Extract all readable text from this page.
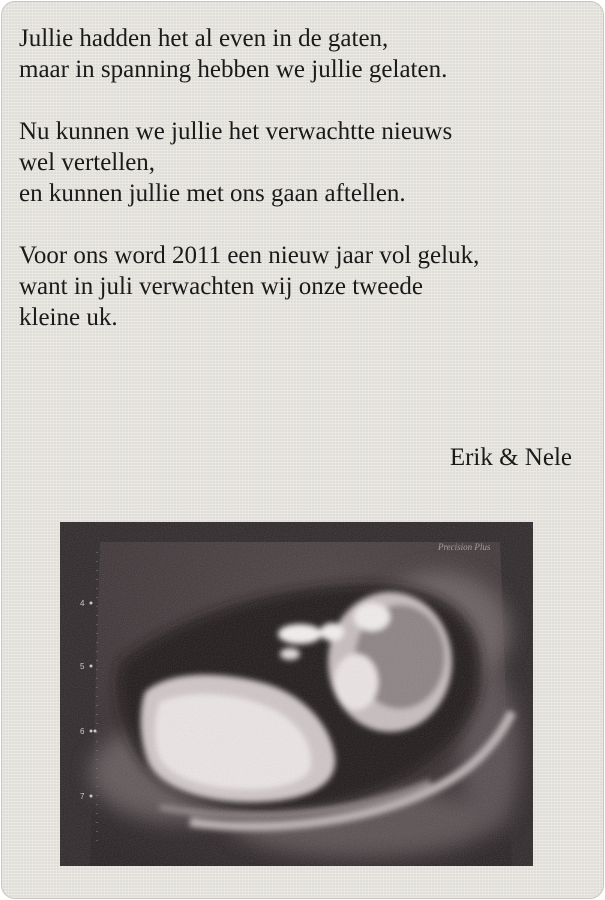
Jullie hadden het al even in de gaten,
maar in spanning hebben we jullie gelaten.
Nu kunnen we jullie het verwachtte nieuws
wel vertellen,
en kunnen jullie met ons gaan aftellen.
Voor ons word 2011 een nieuw jaar vol geluk,
want in juli verwachten wij onze tweede
kleine uk.
Erik & Nele
4
5
6
7
Precision Plus
